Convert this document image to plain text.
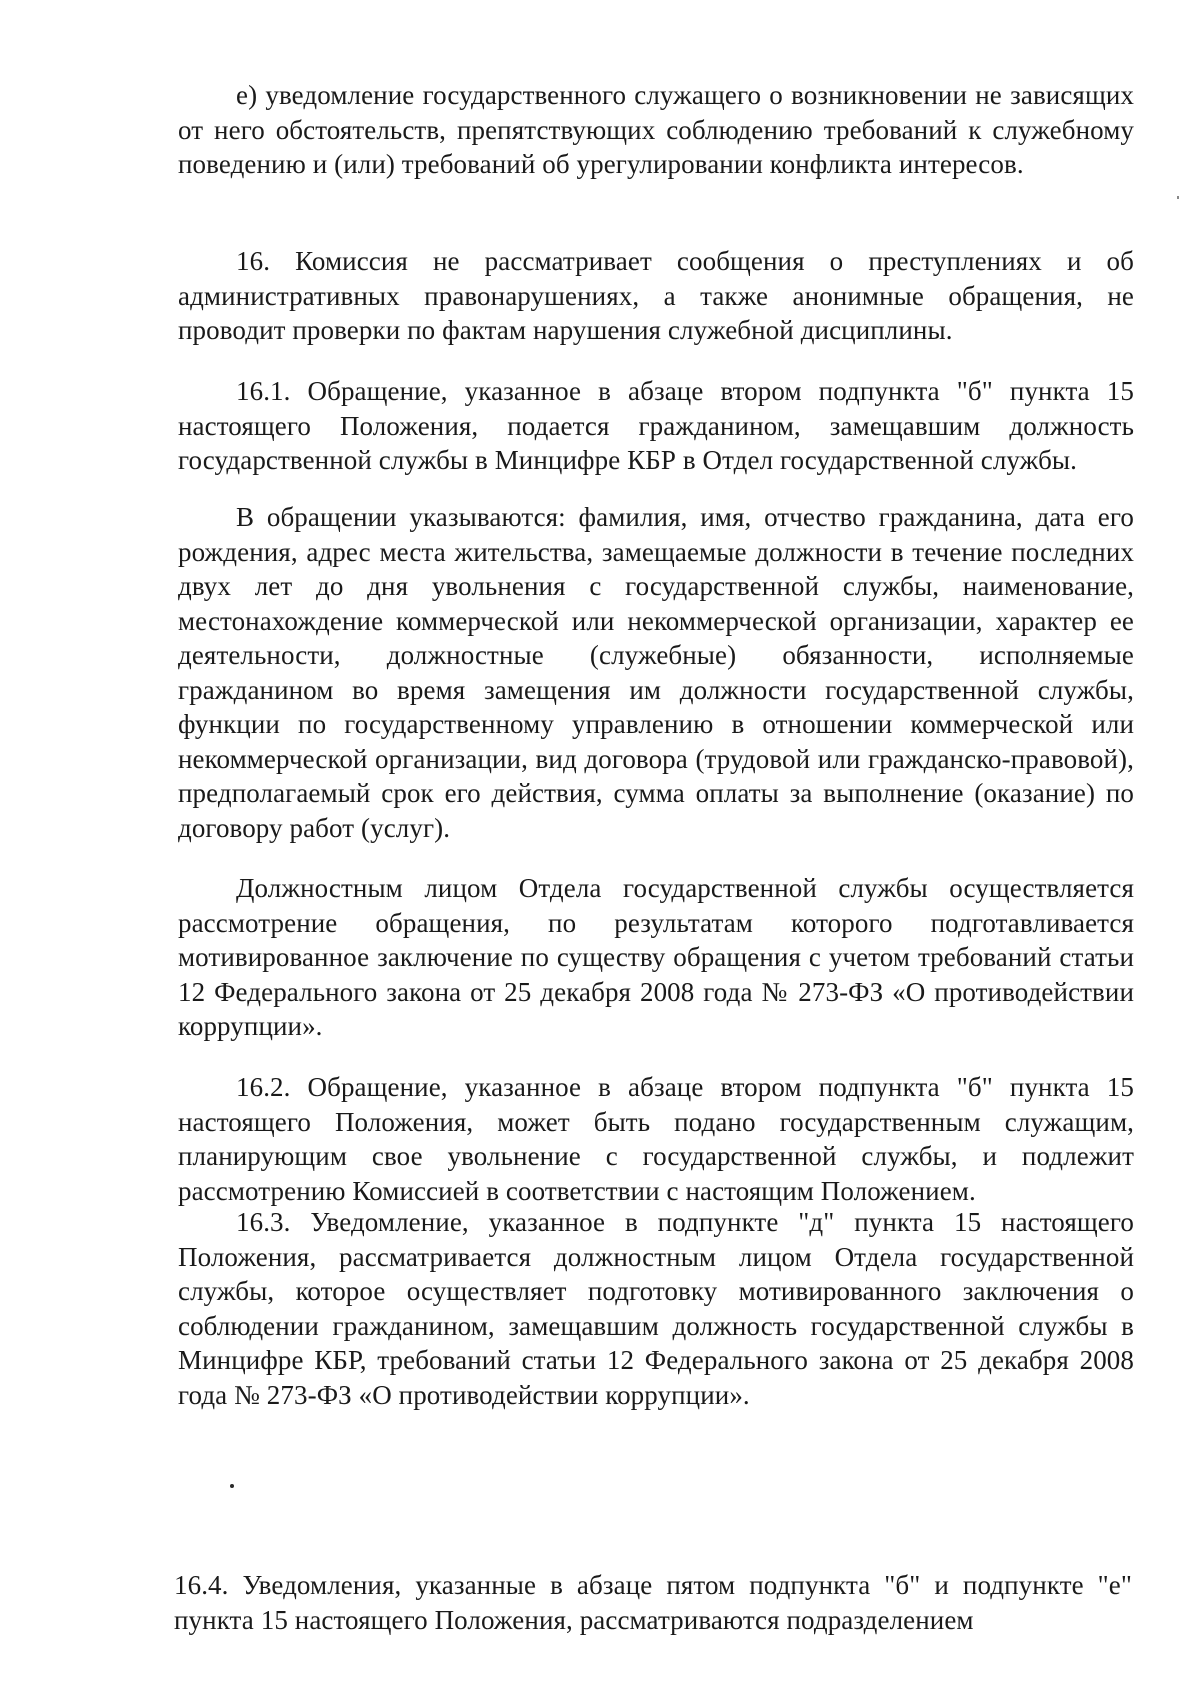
е) уведомление государственного служащего о возникновении не зависящих от него обстоятельств, препятствующих соблюдению требований к служебному поведению и (или) требований об урегулировании конфликта интересов.

16. Комиссия не рассматривает сообщения о преступлениях и об административных правонарушениях, а также анонимные обращения, не проводит проверки по фактам нарушения служебной дисциплины.

16.1. Обращение, указанное в абзаце втором подпункта "б" пункта 15 настоящего Положения, подается гражданином, замещавшим должность государственной службы в Минцифре КБР в Отдел государственной службы.

В обращении указываются: фамилия, имя, отчество гражданина, дата его рождения, адрес места жительства, замещаемые должности в течение последних двух лет до дня увольнения с государственной службы, наименование, местонахождение коммерческой или некоммерческой организации, характер ее деятельности, должностные (служебные) обязанности, исполняемые гражданином во время замещения им должности государственной службы, функции по государственному управлению в отношении коммерческой или некоммерческой организации, вид договора (трудовой или гражданско-правовой), предполагаемый срок его действия, сумма оплаты за выполнение (оказание) по договору работ (услуг).

Должностным лицом Отдела государственной службы осуществляется рассмотрение обращения, по результатам которого подготавливается мотивированное заключение по существу обращения с учетом требований статьи 12 Федерального закона от 25 декабря 2008 года № 273-ФЗ «О противодействии коррупции».

16.2. Обращение, указанное в абзаце втором подпункта "б" пункта 15 настоящего Положения, может быть подано государственным служащим, планирующим свое увольнение с государственной службы, и подлежит рассмотрению Комиссией в соответствии с настоящим Положением.

16.3. Уведомление, указанное в подпункте "д" пункта 15 настоящего Положения, рассматривается должностным лицом Отдела государственной службы, которое осуществляет подготовку мотивированного заключения о соблюдении гражданином, замещавшим должность государственной службы в Минцифре КБР, требований статьи 12 Федерального закона от 25 декабря 2008 года № 273-ФЗ «О противодействии коррупции».

16.4. Уведомления, указанные в абзаце пятом подпункта "б" и подпункте "е" пункта 15 настоящего Положения, рассматриваются подразделением
